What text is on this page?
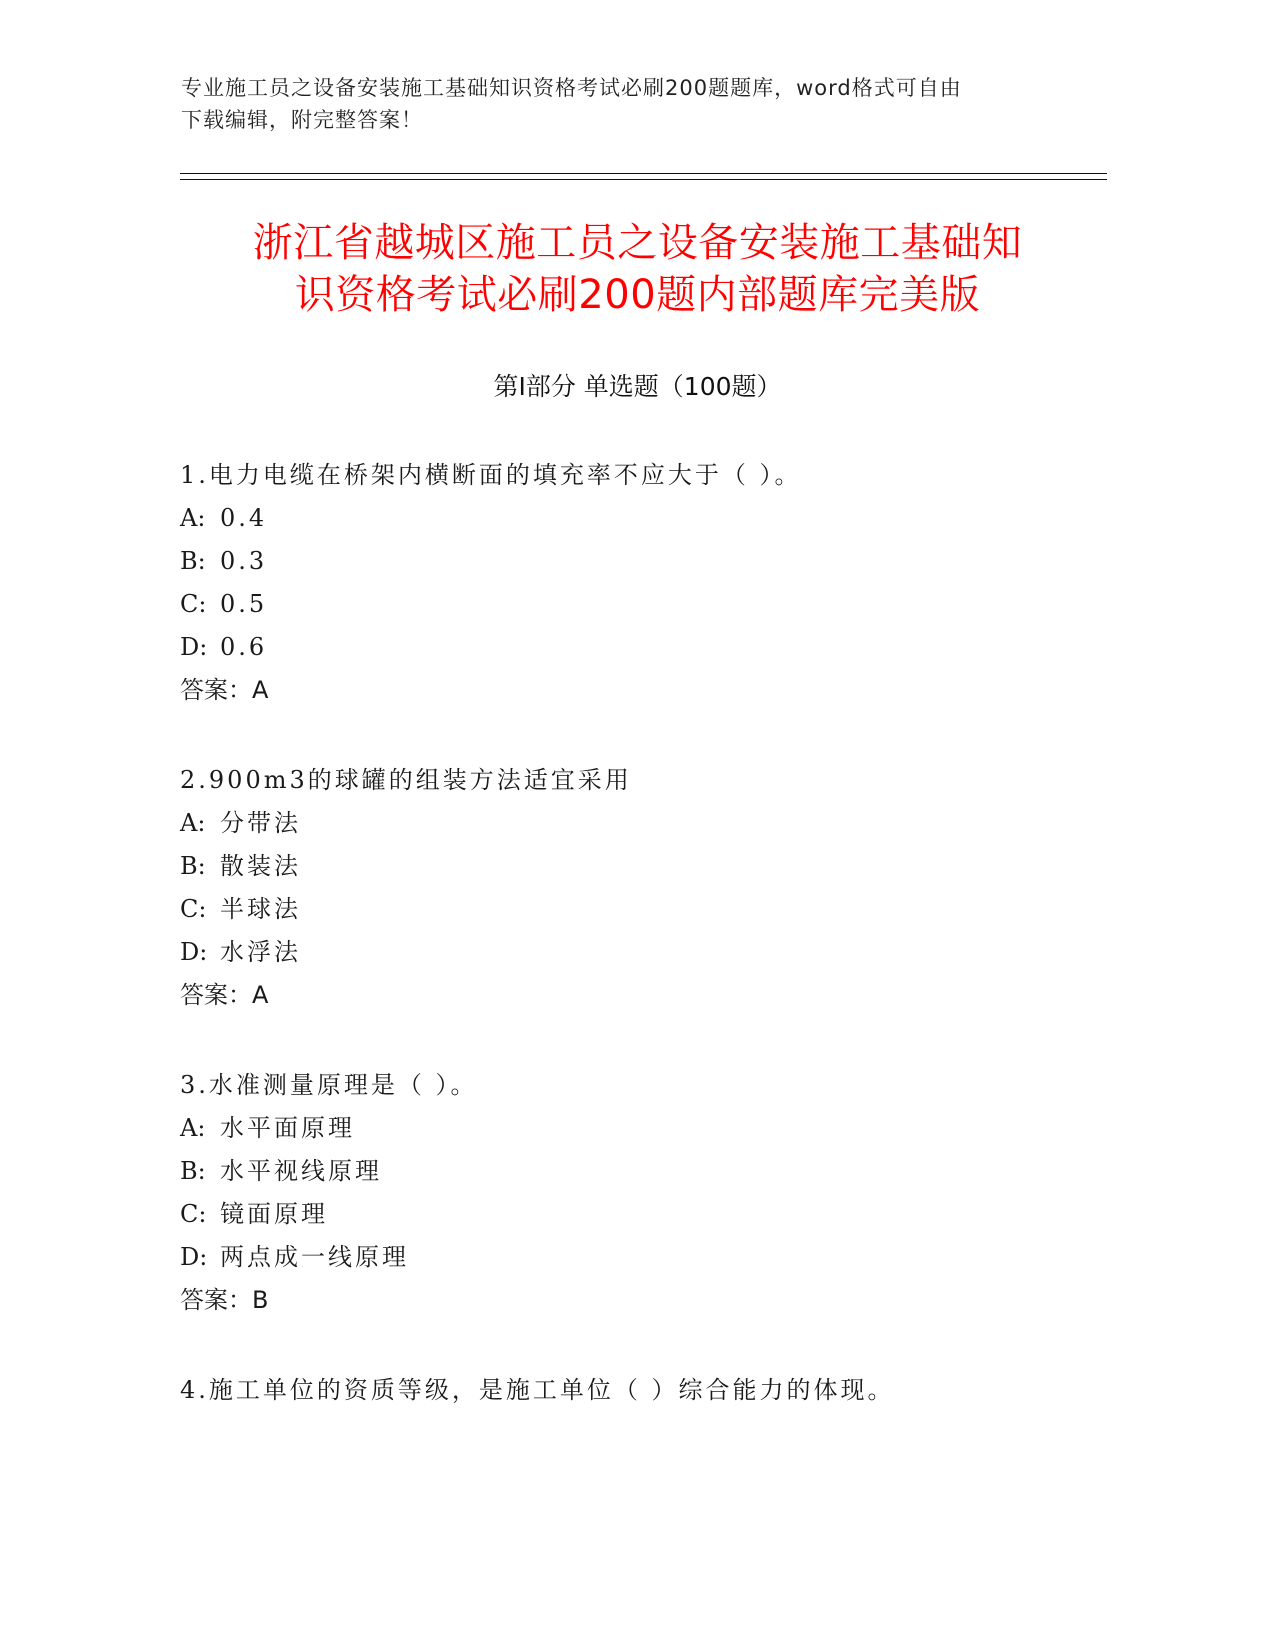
专业施工员之设备安装施工基础知识资格考试必刷200题题库，word格式可自由
下载编辑，附完整答案！
浙江省越城区施工员之设备安装施工基础知
识资格考试必刷200题内部题库完美版
第Ⅰ部分 单选题（100题）
1.电力电缆在桥架内横断面的填充率不应大于（ ）。
A: 0.4
B: 0.3
C: 0.5
D: 0.6
答案：A
2.900m3的球罐的组装方法适宜采用
A: 分带法
B: 散装法
C: 半球法
D: 水浮法
答案：A
3.水准测量原理是（ ）。
A: 水平面原理
B: 水平视线原理
C: 镜面原理
D: 两点成一线原理
答案：B
4.施工单位的资质等级，是施工单位（ ）综合能力的体现。
